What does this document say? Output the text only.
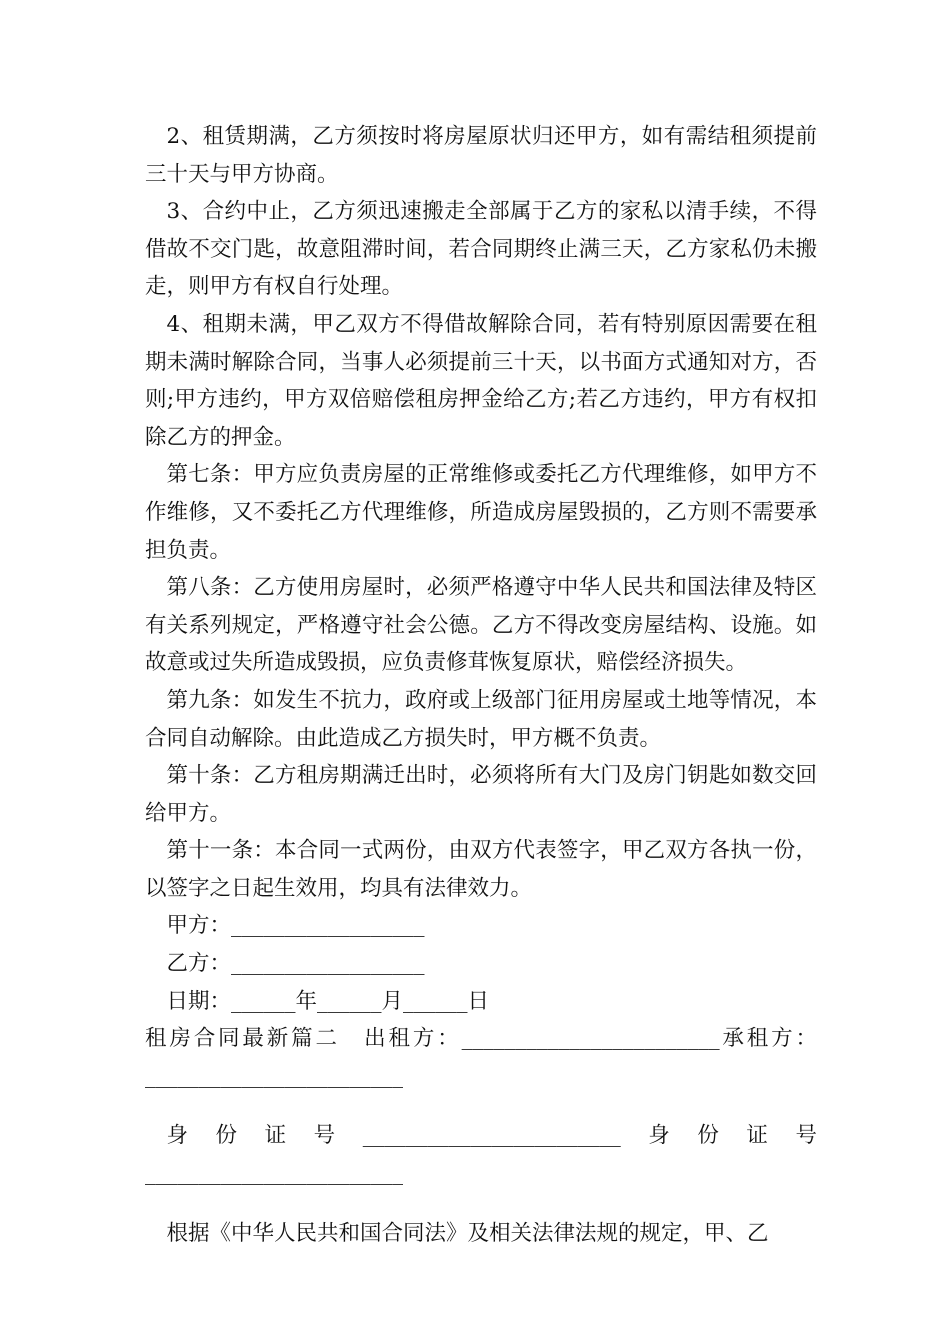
2、租赁期满，乙方须按时将房屋原状归还甲方，如有需结租须提前三十天与甲方协商。

3、合约中止，乙方须迅速搬走全部属于乙方的家私以清手续，不得借故不交门匙，故意阻滞时间，若合同期终止满三天，乙方家私仍未搬走，则甲方有权自行处理。

4、租期未满，甲乙双方不得借故解除合同，若有特别原因需要在租期未满时解除合同，当事人必须提前三十天，以书面方式通知对方，否则;甲方违约，甲方双倍赔偿租房押金给乙方;若乙方违约，甲方有权扣除乙方的押金。

第七条：甲方应负责房屋的正常维修或委托乙方代理维修，如甲方不作维修，又不委托乙方代理维修，所造成房屋毁损的，乙方则不需要承担负责。

第八条：乙方使用房屋时，必须严格遵守中华人民共和国法律及特区有关系列规定，严格遵守社会公德。乙方不得改变房屋结构、设施。如故意或过失所造成毁损，应负责修茸恢复原状，赔偿经济损失。

第九条：如发生不抗力，政府或上级部门征用房屋或土地等情况，本合同自动解除。由此造成乙方损失时，甲方概不负责。

第十条：乙方租房期满迁出时，必须将所有大门及房门钥匙如数交回给甲方。

第十一条：本合同一式两份，由双方代表签字，甲乙双方各执一份，以签字之日起生效用，均具有法律效力。

甲方：__________________

乙方：__________________

日期：______年______月______日

租房合同最新篇二　出租方：________________________承租方：________________________

身份证号________________________身份证号________________________

根据《中华人民共和国合同法》及相关法律法规的规定，甲、乙
